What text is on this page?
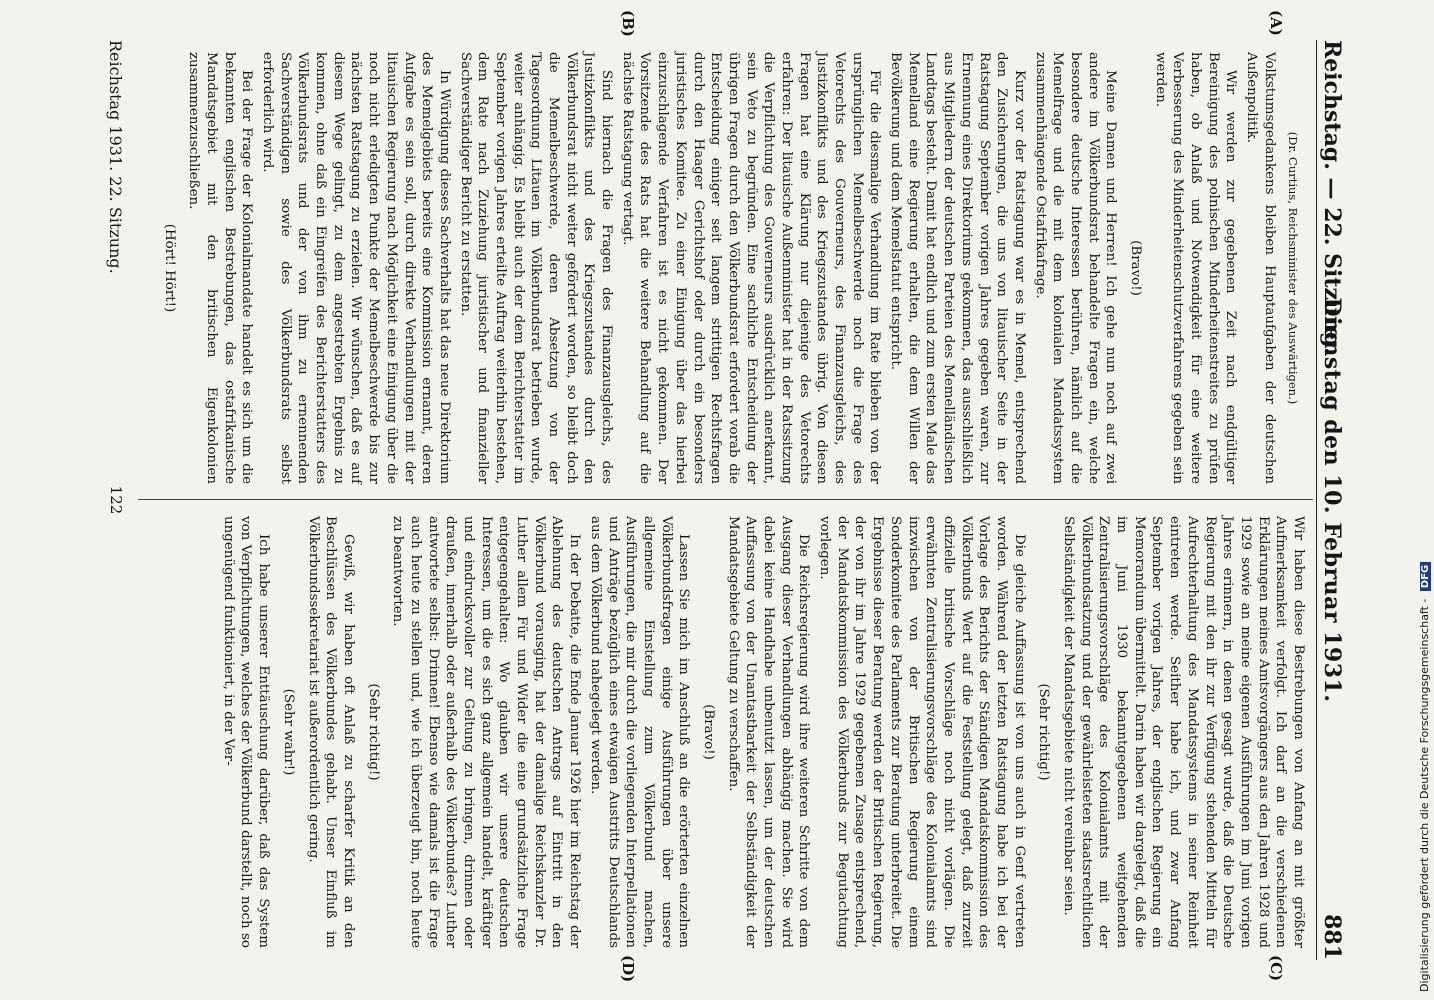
Reichstag. — 22. Sitzung.
Dienstag den 10. Februar 1931.
881
(A)
(B)
(C)
(D)

(Dr. Curtius, Reichsminister des Auswärtigen.)

Volkstumsgedankens bleiben Hauptaufgaben der deutschen Außenpolitik.

Wir werden zur gegebenen Zeit nach endgültiger Bereinigung des polnischen Minderheitenstreites zu prüfen haben, ob Anlaß und Notwendigkeit für eine weitere Verbesserung des Minderheitenschutzverfahrens gegeben sein werden.

(Bravo!)

Meine Damen und Herren! Ich gehe nun noch auf zwei andere im Völkerbundsrat behandelte Fragen ein, welche besondere deutsche Interessen berühren, nämlich auf die Memelfrage und die mit dem kolonialen Mandatssystem zusammenhängende Ostafrikafrage.

Kurz vor der Ratstagung war es in Memel, entsprechend den Zusicherungen, die uns von litauischer Seite in der Ratstagung September vorigen Jahres gegeben waren, zur Ernennung eines Direktoriums gekommen, das ausschließlich aus Mitgliedern der deutschen Parteien des Memelländischen Landtags besteht. Damit hat endlich und zum ersten Male das Memelland eine Regierung erhalten, die dem Willen der Bevölkerung und dem Memelstatut entspricht.

Für die diesmalige Verhandlung im Rate blieben von der ursprünglichen Memelbeschwerde noch die Frage des Vetorechts des Gouverneurs, des Finanzausgleichs, des Justizkonflikts und des Kriegszustandes übrig. Von diesen Fragen hat eine Klärung nur diejenige des Vetorechts erfahren: Der litauische Außenminister hat in der Ratssitzung die Verpflichtung des Gouverneurs ausdrücklich anerkannt, sein Veto zu begründen. Eine sachliche Entscheidung der übrigen Fragen durch den Völkerbundsrat erfordert vorab die Entscheidung einiger seit langem strittigen Rechtsfragen durch den Haager Gerichtshof oder durch ein besonders juristisches Komitee. Zu einer Einigung über das hierbei einzuschlagende Verfahren ist es nicht gekommen. Der Vorsitzende des Rats hat die weitere Behandlung auf die nächste Ratstagung vertagt.

Sind hiernach die Fragen des Finanzausgleichs, des Justizkonflikts und des Kriegszustandes durch den Völkerbundsrat nicht weiter gefördert worden, so bleibt doch die Memelbeschwerde, deren Absetzung von der Tagesordnung Litauen im Völkerbundsrat betrieben wurde, weiter anhängig. Es bleibt auch der dem Berichterstatter im September vorigen Jahres erteilte Auftrag weiterhin bestehen, dem Rate nach Zuziehung juristischer und finanzieller Sachverständiger Bericht zu erstatten.

In Würdigung dieses Sachverhalts hat das neue Direktorium des Memelgebiets bereits eine Kommission ernannt, deren Aufgabe es sein soll, durch direkte Verhandlungen mit der litauischen Regierung nach Möglichkeit eine Einigung über die noch nicht erledigten Punkte der Memelbeschwerde bis zur nächsten Ratstagung zu erzielen. Wir wünschen, daß es auf diesem Wege gelingt, zu dem angestrebten Ergebnis zu kommen, ohne daß ein Eingreifen des Berichterstatters des Völkerbundsrats und der von ihm zu ernennenden Sachverständigen sowie des Völkerbundsrats selbst erforderlich wird.

Bei der Frage der Kolonialmandate handelt es sich um die bekannten englischen Bestrebungen, das ostafrikanische Mandatsgebiet mit den britischen Eigenkolonien zusammenzuschließen.

(Hört! Hört!)

Wir haben diese Bestrebungen von Anfang an mit größter Aufmerksamkeit verfolgt. Ich darf an die verschiedenen Erklärungen meines Amtsvorgängers aus den Jahren 1928 und 1929 sowie an meine eigenen Ausführungen im Juni vorigen Jahres erinnern, in denen gesagt wurde, daß die Deutsche Regierung mit den ihr zur Verfügung stehenden Mitteln für Aufrechterhaltung des Mandatssystems in seiner Reinheit eintreten werde. Seither habe ich, und zwar Anfang September vorigen Jahres, der englischen Regierung ein Memorandum übermittelt. Darin haben wir dargelegt, daß die im Juni 1930 bekanntgegebenen weitgehenden Zentralisierungsvorschläge des Kolonialamts mit der Völkerbundsatzung und der gewährleisteten staatsrechtlichen Selbständigkeit der Mandatsgebiete nicht vereinbar seien.

(Sehr richtig!)

Die gleiche Auffassung ist von uns auch in Genf vertreten worden. Während der letzten Ratstagung habe ich bei der Vorlage des Berichts der Ständigen Mandatskommission des Völkerbunds Wert auf die Feststellung gelegt, daß zurzeit offizielle britische Vorschläge noch nicht vorlägen. Die erwähnten Zentralisierungsvorschläge des Kolonialamts sind inzwischen von der Britischen Regierung einem Sonderkomitee des Parlaments zur Beratung unterbreitet. Die Ergebnisse dieser Beratung werden der Britischen Regierung, der von ihr im Jahre 1929 gegebenen Zusage entsprechend, der Mandatskommission des Völkerbunds zur Begutachtung vorlegen.

Die Reichsregierung wird ihre weiteren Schritte von dem Ausgang dieser Verhandlungen abhängig machen. Sie wird dabei keine Handhabe unbenutzt lassen, um der deutschen Auffassung von der Unantastbarkeit der Selbständigkeit der Mandatsgebiete Geltung zu verschaffen.

(Bravo!)

Lassen Sie mich im Anschluß an die erörterten einzelnen Völkerbundsfragen einige Ausführungen über unsere allgemeine Einstellung zum Völkerbund machen, Ausführungen, die mir durch die vorliegenden Interpellationen und Anträge bezüglich eines etwaigen Austritts Deutschlands aus dem Völkerbund nahegelegt werden.

In der Debatte, die Ende Januar 1926 hier im Reichstag der Ablehnung des deutschen Antrags auf Eintritt in den Völkerbund vorausging, hat der damalige Reichskanzler Dr. Luther allem Für und Wider die eine grundsätzliche Frage entgegengehalten: Wo glauben wir unsere deutschen Interessen, um die es sich ganz allgemein handelt, kräftiger und eindrucksvoller zur Geltung zu bringen, drinnen oder draußen, innerhalb oder außerhalb des Völkerbundes? Luther antwortete selbst: Drinnen! Ebenso wie damals ist die Frage auch heute zu stellen und, wie ich überzeugt bin, noch heute zu beantworten.

(Sehr richtig!)

Gewiß, wir haben oft Anlaß zu scharfer Kritik an den Beschlüssen des Völkerbundes gehabt. Unser Einfluß im Völkerbundssekretariat ist außerordentlich gering.

(Sehr wahr!)

Ich habe unserer Enttäuschung darüber, daß das System von Verpflichtungen, welches der Völkerbund darstellt, noch so ungenügend funktioniert, in der Ver-

Reichstag 1931. 22. Sitzung.
122
Digitalisierung gefördert durch die Deutsche Forschungsgemeinschaft - DFG
